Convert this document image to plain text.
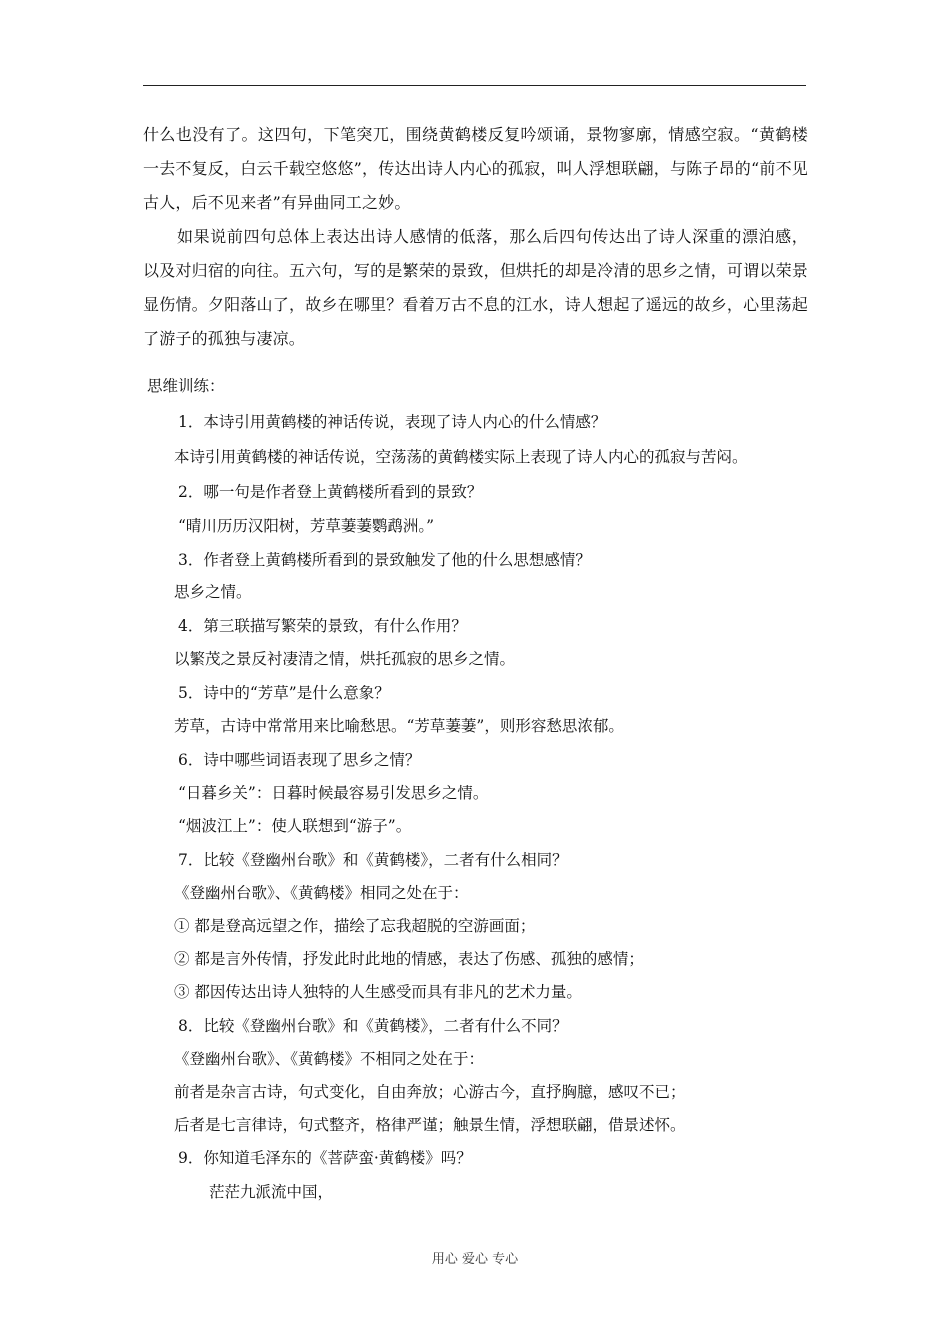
什么也没有了。这四句，下笔突兀，围绕黄鹤楼反复吟颂诵，景物寥廓，情感空寂。“黄鹤楼一去不复反，白云千载空悠悠”，传达出诗人内心的孤寂，叫人浮想联翩，与陈子昂的“前不见古人，后不见来者”有异曲同工之妙。

如果说前四句总体上表达出诗人感情的低落，那么后四句传达出了诗人深重的漂泊感，以及对归宿的向往。五六句，写的是繁荣的景致，但烘托的却是冷清的思乡之情，可谓以荣景显伤情。夕阳落山了，故乡在哪里？看着万古不息的江水，诗人想起了遥远的故乡，心里荡起了游子的孤独与凄凉。

思维训练：
1．本诗引用黄鹤楼的神话传说，表现了诗人内心的什么情感？
本诗引用黄鹤楼的神话传说，空荡荡的黄鹤楼实际上表现了诗人内心的孤寂与苦闷。
2．哪一句是作者登上黄鹤楼所看到的景致？
“晴川历历汉阳树，芳草萋萋鹦鹉洲。”
3．作者登上黄鹤楼所看到的景致触发了他的什么思想感情？
思乡之情。
4．第三联描写繁荣的景致，有什么作用？
以繁茂之景反衬凄清之情，烘托孤寂的思乡之情。
5．诗中的“芳草”是什么意象？
芳草，古诗中常常用来比喻愁思。“芳草萋萋”，则形容愁思浓郁。
6．诗中哪些词语表现了思乡之情？
“日暮乡关”：日暮时候最容易引发思乡之情。
“烟波江上”：使人联想到“游子”。
7．比较《登幽州台歌》和《黄鹤楼》，二者有什么相同？
《登幽州台歌》、《黄鹤楼》相同之处在于：
① 都是登高远望之作，描绘了忘我超脱的空游画面；
② 都是言外传情，抒发此时此地的情感，表达了伤感、孤独的感情；
③ 都因传达出诗人独特的人生感受而具有非凡的艺术力量。
8．比较《登幽州台歌》和《黄鹤楼》，二者有什么不同？
《登幽州台歌》、《黄鹤楼》不相同之处在于：
前者是杂言古诗，句式变化，自由奔放；心游古今，直抒胸臆，感叹不已；
后者是七言律诗，句式整齐，格律严谨；触景生情，浮想联翩，借景述怀。
9．你知道毛泽东的《菩萨蛮·黄鹤楼》吗？
茫茫九派流中国，
用心 爱心 专心
